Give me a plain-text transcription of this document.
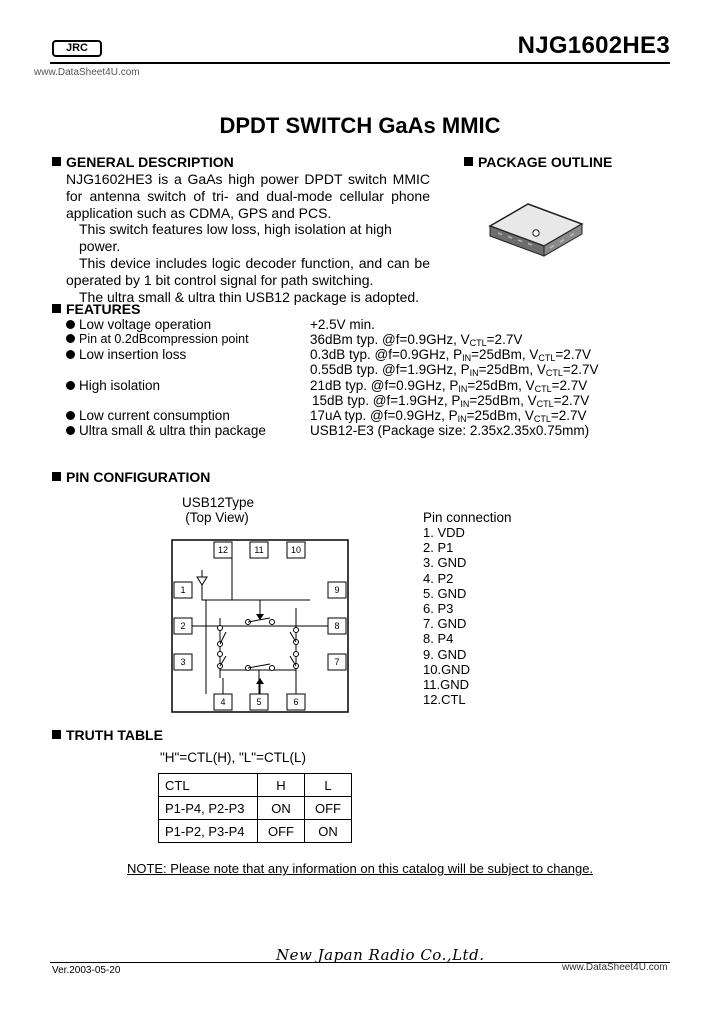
JRC	NJG1602HE3
www.DataSheet4U.com
DPDT SWITCH GaAs MMIC
GENERAL DESCRIPTION

NJG1602HE3 is a GaAs high power DPDT switch MMIC

for antenna switch of tri- and dual-mode cellular phone

application such as CDMA, GPS and PCS.

This switch features low loss, high isolation at high power.

This device includes logic decoder function, and can be

operated by 1 bit control signal for path switching.

The ultra small & ultra thin USB12 package is adopted.

PACKAGE OUTLINE
FEATURES
Low voltage operation	+2.5V min.
Pin at 0.2dBcompression point	36dBm typ. @f=0.9GHz, $V_{CTL}=2.7V$
Low insertion loss	0.3dB typ. @f=0.9GHz, $P_{IN}=25dBm$, $V_{CTL}=2.7V$
0.55dB typ. @f=1.9GHz, $P_{IN}=25dBm$, $V_{CTL}=2.7V$
High isolation	21dB typ. @f=0.9GHz, $P_{IN}=25dBm$, $V_{CTL}=2.7V$
15dB typ. @f=1.9GHz, $P_{IN}=25dBm$, $V_{CTL}=2.7V$
Low current consumption	17uA typ. @f=0.9GHz, $P_{IN}=25dBm$, $V_{CTL}=2.7V$
Ultra small & ultra thin package	USB12-E3 (Package size: 2.35x2.35x0.75mm)
PIN CONFIGURATION
USB12Type
(Top View)
12	11	10
1
2
3
9
8
7
4	5	6
Pin connection
1. VDD
2. P1
3. GND
4. P2
5. GND
6. P3
7. GND
8. P4
9. GND
10.GND
11.GND
12.CTL
TRUTH TABLE
"H"=CTL(H), "L"=CTL(L)
CTL	H	L
P1-P4, P2-P3	ON	OFF
P1-P2, P3-P4	OFF	ON
NOTE: Please note that any information on this catalog will be subject to change.
New Japan Radio Co.,Ltd.
Ver.2003-05-20	www.DataSheet4U.com
